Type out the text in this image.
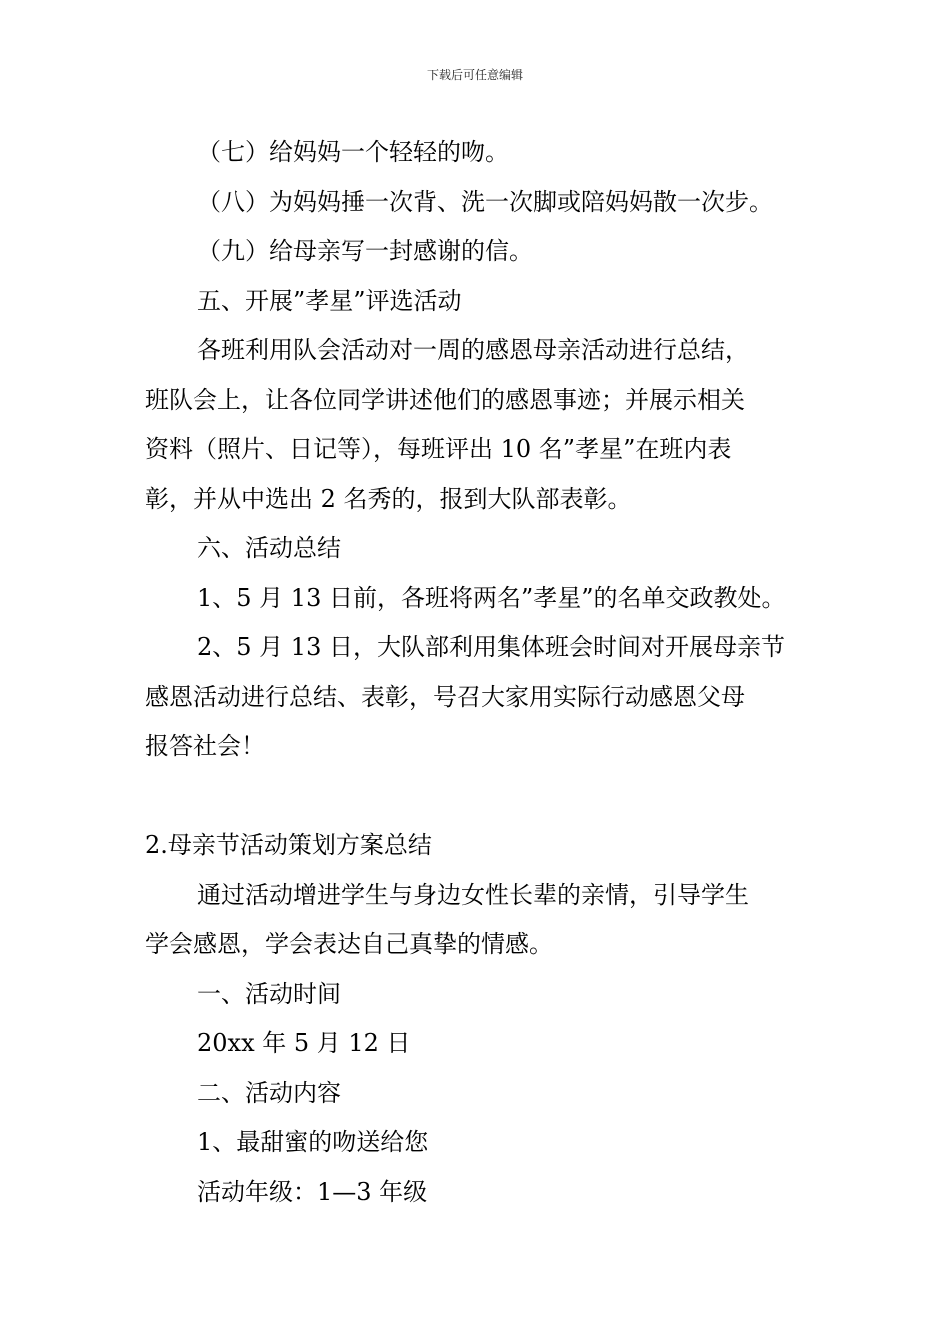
下载后可任意编辑
（七）给妈妈一个轻轻的吻。
（八）为妈妈捶一次背、洗一次脚或陪妈妈散一次步。
（九）给母亲写一封感谢的信。
五、开展”孝星”评选活动
各班利用队会活动对一周的感恩母亲活动进行总结，
班队会上，让各位同学讲述他们的感恩事迹；并展示相关
资料（照片、日记等），每班评出 10 名”孝星”在班内表
彰，并从中选出 2 名秀的，报到大队部表彰。
六、活动总结
1、5 月 13 日前，各班将两名”孝星”的名单交政教处。
2、5 月 13 日，大队部利用集体班会时间对开展母亲节
感恩活动进行总结、表彰，号召大家用实际行动感恩父母
报答社会！
2.母亲节活动策划方案总结
通过活动增进学生与身边女性长辈的亲情，引导学生
学会感恩，学会表达自己真挚的情感。
一、活动时间
20xx 年 5 月 12 日
二、活动内容
1、最甜蜜的吻送给您
活动年级：1—3 年级
